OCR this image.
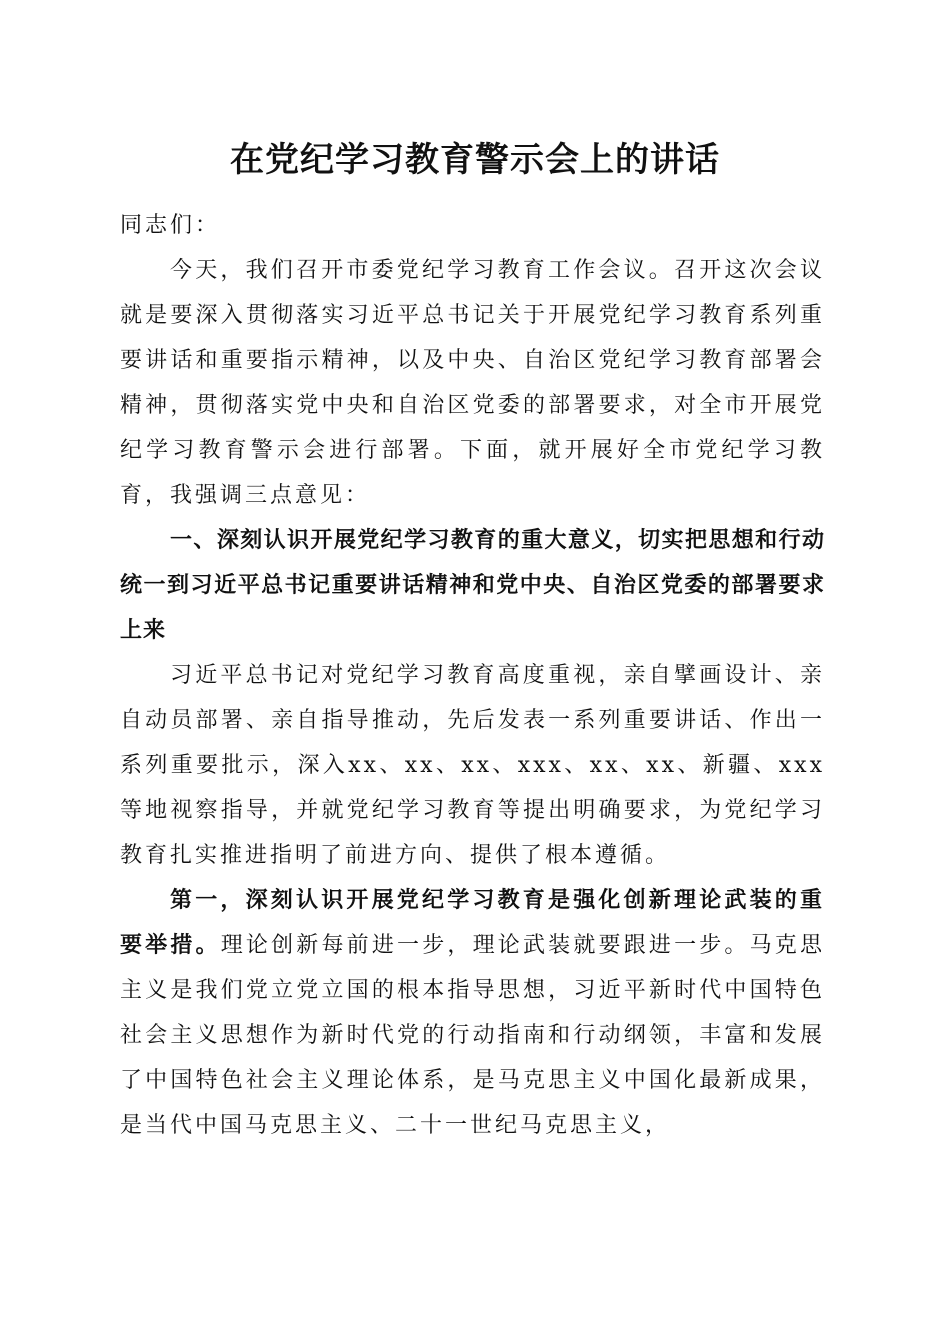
在党纪学习教育警示会上的讲话

同志们：

今天，我们召开市委党纪学习教育工作会议。召开这次会议就是要深入贯彻落实习近平总书记关于开展党纪学习教育系列重要讲话和重要指示精神，以及中央、自治区党纪学习教育部署会精神，贯彻落实党中央和自治区党委的部署要求，对全市开展党纪学习教育警示会进行部署。下面，就开展好全市党纪学习教育，我强调三点意见：

一、深刻认识开展党纪学习教育的重大意义，切实把思想和行动统一到习近平总书记重要讲话精神和党中央、自治区党委的部署要求上来

习近平总书记对党纪学习教育高度重视，亲自擘画设计、亲自动员部署、亲自指导推动，先后发表一系列重要讲话、作出一系列重要批示，深入xx、xx、xx、xxx、xx、xx、新疆、xxx等地视察指导，并就党纪学习教育等提出明确要求，为党纪学习教育扎实推进指明了前进方向、提供了根本遵循。

第一，深刻认识开展党纪学习教育是强化创新理论武装的重要举措。理论创新每前进一步，理论武装就要跟进一步。马克思主义是我们党立党立国的根本指导思想，习近平新时代中国特色社会主义思想作为新时代党的行动指南和行动纲领，丰富和发展了中国特色社会主义理论体系，是马克思主义中国化最新成果，是当代中国马克思主义、二十一世纪马克思主义，
